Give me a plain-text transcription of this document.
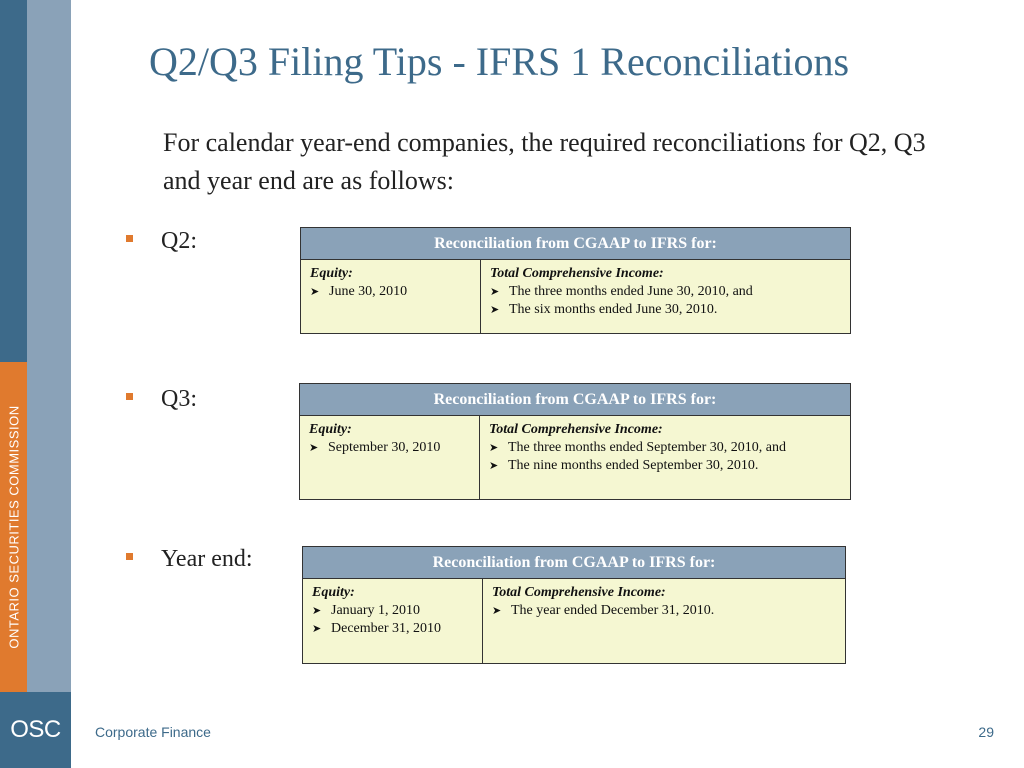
ONTARIO SECURITIES COMMISSION
OSC
Q2/Q3 Filing Tips - IFRS 1 Reconciliations
For calendar year-end companies, the required reconciliations for Q2, Q3 and year end are as follows:
Q2:	Reconciliation from CGAAP to IFRS for:
Equity:
➤ June 30, 2010
Total Comprehensive Income:
➤ The three months ended June 30, 2010, and
➤ The six months ended June 30, 2010.
Q3:	Reconciliation from CGAAP to IFRS for:
Equity:
➤ September 30, 2010
Total Comprehensive Income:
➤ The three months ended September 30, 2010, and
➤ The nine months ended September 30, 2010.
Year end:	Reconciliation from CGAAP to IFRS for:
Equity:
➤ January 1, 2010
➤ December 31, 2010
Total Comprehensive Income:
➤ The year ended December 31, 2010.
Corporate Finance	29
